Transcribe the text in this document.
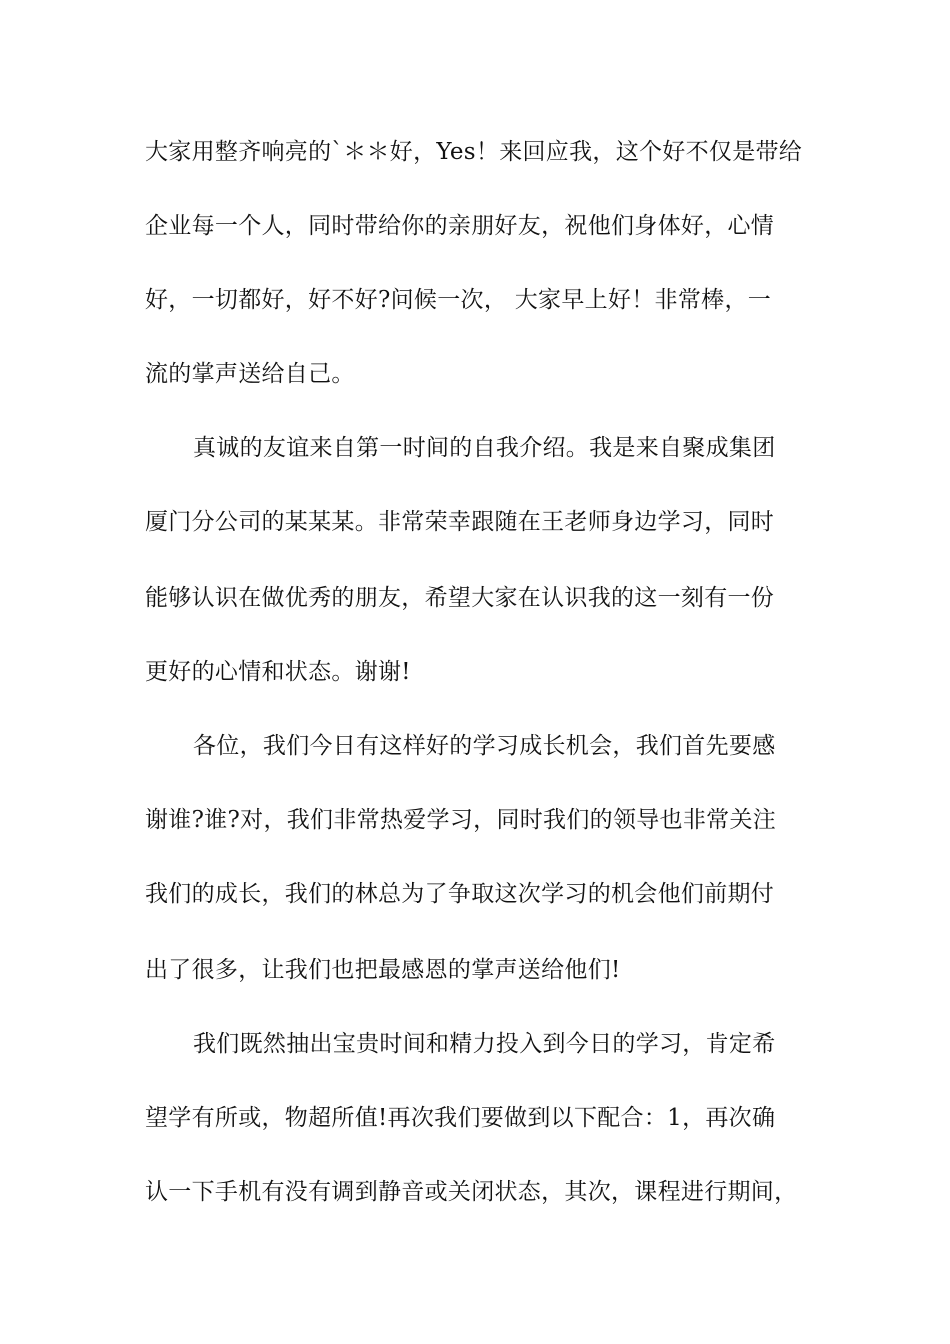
大家用整齐响亮的`＊＊好，Yes！来回应我，这个好不仅是带给
企业每一个人，同时带给你的亲朋好友，祝他们身体好，心情
好，一切都好，好不好?问候一次， 大家早上好！非常棒，一
流的掌声送给自己。
真诚的友谊来自第一时间的自我介绍。我是来自聚成集团
厦门分公司的某某某。非常荣幸跟随在王老师身边学习，同时
能够认识在做优秀的朋友，希望大家在认识我的这一刻有一份
更好的心情和状态。谢谢!
各位，我们今日有这样好的学习成长机会，我们首先要感
谢谁?谁?对，我们非常热爱学习，同时我们的领导也非常关注
我们的成长，我们的林总为了争取这次学习的机会他们前期付
出了很多，让我们也把最感恩的掌声送给他们!
我们既然抽出宝贵时间和精力投入到今日的学习，肯定希
望学有所或，物超所值!再次我们要做到以下配合：1，再次确
认一下手机有没有调到静音或关闭状态，其次，课程进行期间，
